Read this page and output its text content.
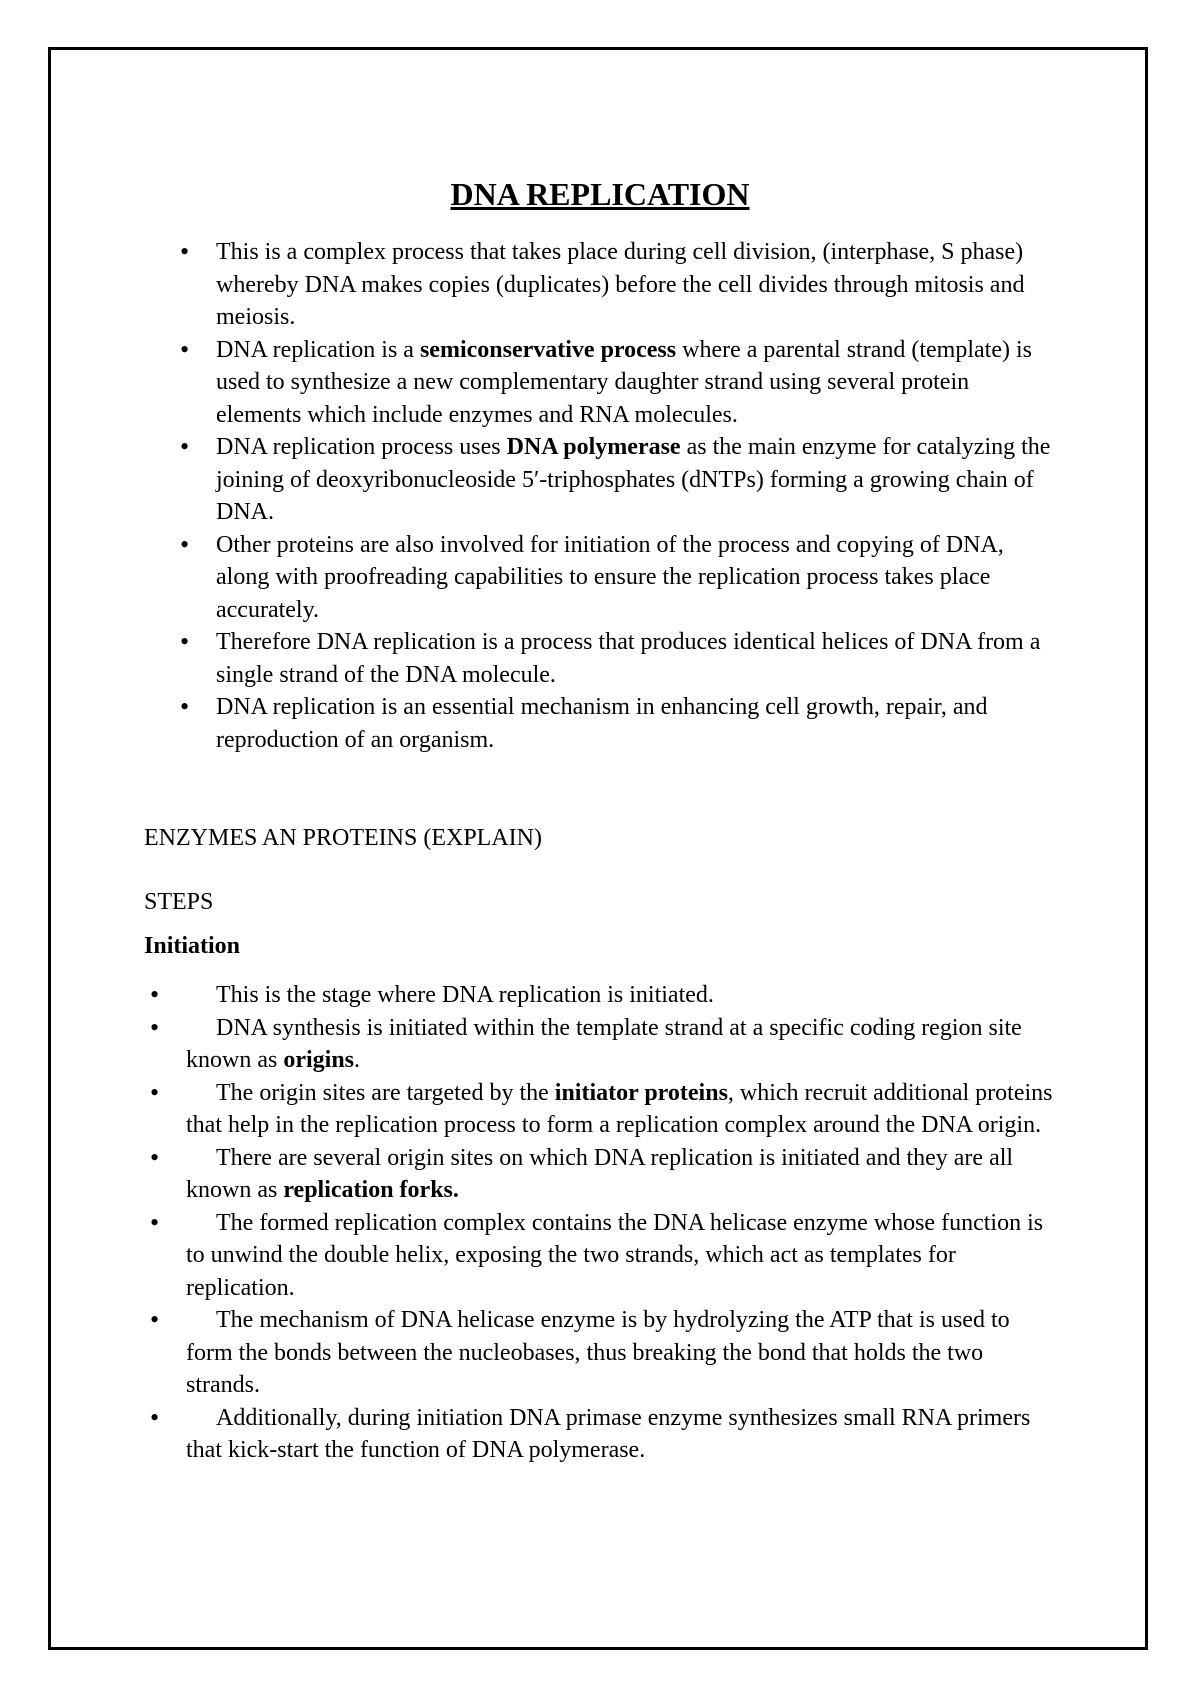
DNA REPLICATION
• This is a complex process that takes place during cell division, (interphase, S phase) whereby DNA makes copies (duplicates) before the cell divides through mitosis and meiosis.
• DNA replication is a semiconservative process where a parental strand (template) is used to synthesize a new complementary daughter strand using several protein elements which include enzymes and RNA molecules.
• DNA replication process uses DNA polymerase as the main enzyme for catalyzing the joining of deoxyribonucleoside 5′-triphosphates (dNTPs) forming a growing chain of DNA.
• Other proteins are also involved for initiation of the process and copying of DNA, along with proofreading capabilities to ensure the replication process takes place accurately.
• Therefore DNA replication is a process that produces identical helices of DNA from a single strand of the DNA molecule.
• DNA replication is an essential mechanism in enhancing cell growth, repair, and reproduction of an organism.

ENZYMES AN PROTEINS (EXPLAIN)

STEPS

Initiation

• This is the stage where DNA replication is initiated.
• DNA synthesis is initiated within the template strand at a specific coding region site known as origins.
• The origin sites are targeted by the initiator proteins, which recruit additional proteins that help in the replication process to form a replication complex around the DNA origin.
• There are several origin sites on which DNA replication is initiated and they are all known as replication forks.
• The formed replication complex contains the DNA helicase enzyme whose function is to unwind the double helix, exposing the two strands, which act as templates for replication.
• The mechanism of DNA helicase enzyme is by hydrolyzing the ATP that is used to form the bonds between the nucleobases, thus breaking the bond that holds the two strands.
• Additionally, during initiation DNA primase enzyme synthesizes small RNA primers that kick-start the function of DNA polymerase.
